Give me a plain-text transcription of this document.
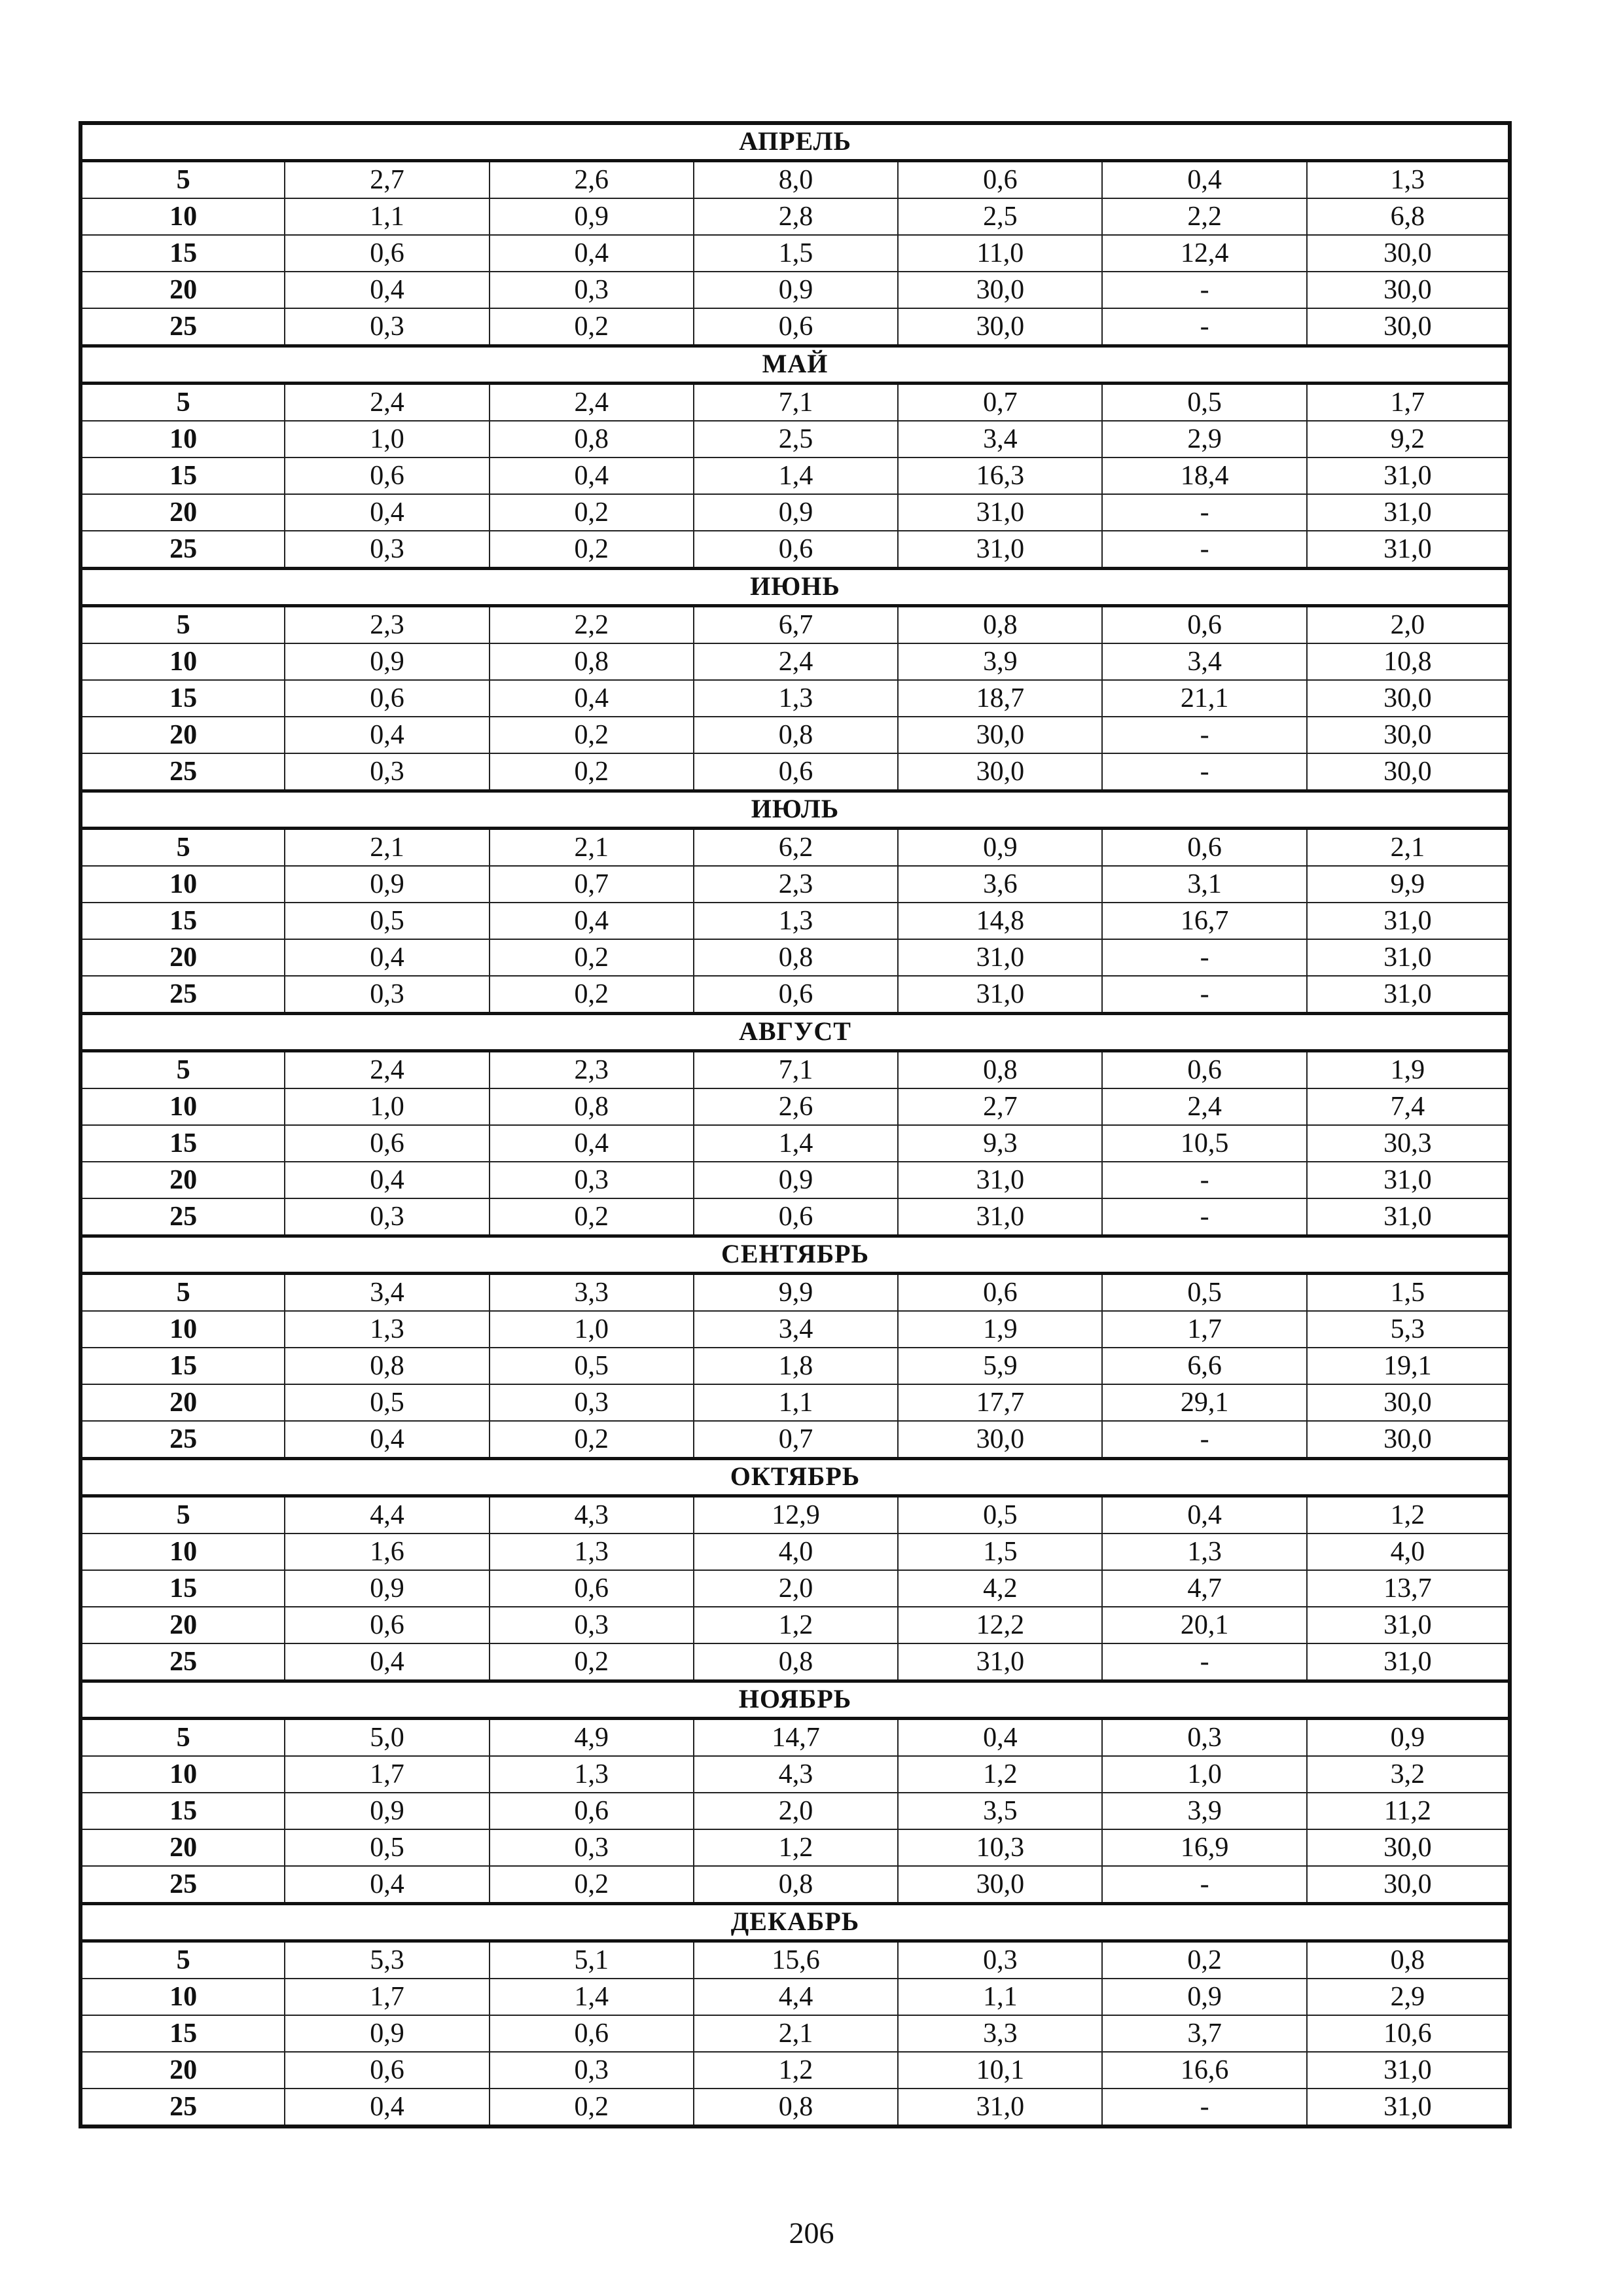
АПРЕЛЬ						
5	2,7	2,6	8,0	0,6	0,4	1,3
10	1,1	0,9	2,8	2,5	2,2	6,8
15	0,6	0,4	1,5	11,0	12,4	30,0
20	0,4	0,3	0,9	30,0	-	30,0
25	0,3	0,2	0,6	30,0	-	30,0
МАЙ						
5	2,4	2,4	7,1	0,7	0,5	1,7
10	1,0	0,8	2,5	3,4	2,9	9,2
15	0,6	0,4	1,4	16,3	18,4	31,0
20	0,4	0,2	0,9	31,0	-	31,0
25	0,3	0,2	0,6	31,0	-	31,0
ИЮНЬ						
5	2,3	2,2	6,7	0,8	0,6	2,0
10	0,9	0,8	2,4	3,9	3,4	10,8
15	0,6	0,4	1,3	18,7	21,1	30,0
20	0,4	0,2	0,8	30,0	-	30,0
25	0,3	0,2	0,6	30,0	-	30,0
ИЮЛЬ						
5	2,1	2,1	6,2	0,9	0,6	2,1
10	0,9	0,7	2,3	3,6	3,1	9,9
15	0,5	0,4	1,3	14,8	16,7	31,0
20	0,4	0,2	0,8	31,0	-	31,0
25	0,3	0,2	0,6	31,0	-	31,0
АВГУСТ						
5	2,4	2,3	7,1	0,8	0,6	1,9
10	1,0	0,8	2,6	2,7	2,4	7,4
15	0,6	0,4	1,4	9,3	10,5	30,3
20	0,4	0,3	0,9	31,0	-	31,0
25	0,3	0,2	0,6	31,0	-	31,0
СЕНТЯБРЬ						
5	3,4	3,3	9,9	0,6	0,5	1,5
10	1,3	1,0	3,4	1,9	1,7	5,3
15	0,8	0,5	1,8	5,9	6,6	19,1
20	0,5	0,3	1,1	17,7	29,1	30,0
25	0,4	0,2	0,7	30,0	-	30,0
ОКТЯБРЬ						
5	4,4	4,3	12,9	0,5	0,4	1,2
10	1,6	1,3	4,0	1,5	1,3	4,0
15	0,9	0,6	2,0	4,2	4,7	13,7
20	0,6	0,3	1,2	12,2	20,1	31,0
25	0,4	0,2	0,8	31,0	-	31,0
НОЯБРЬ						
5	5,0	4,9	14,7	0,4	0,3	0,9
10	1,7	1,3	4,3	1,2	1,0	3,2
15	0,9	0,6	2,0	3,5	3,9	11,2
20	0,5	0,3	1,2	10,3	16,9	30,0
25	0,4	0,2	0,8	30,0	-	30,0
ДЕКАБРЬ						
5	5,3	5,1	15,6	0,3	0,2	0,8
10	1,7	1,4	4,4	1,1	0,9	2,9
15	0,9	0,6	2,1	3,3	3,7	10,6
20	0,6	0,3	1,2	10,1	16,6	31,0
25	0,4	0,2	0,8	31,0	-	31,0
206
